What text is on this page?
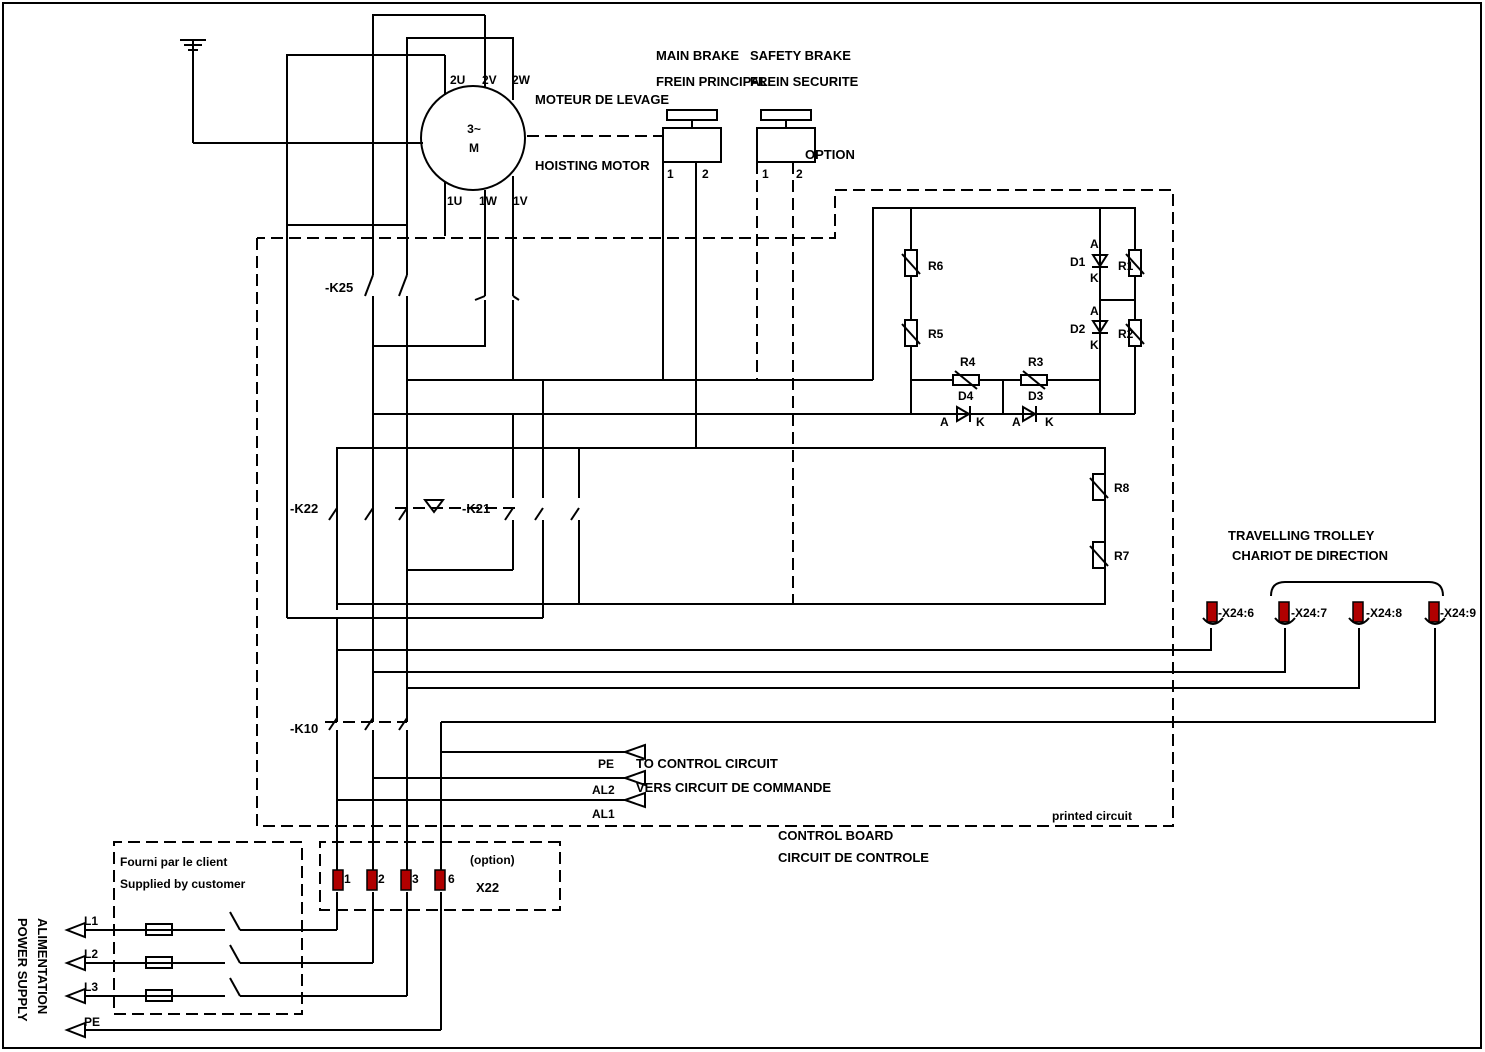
M
3~
2U 2V 2W
1U 1W 1V
MOTEUR DE LEVAGE
HOISTING MOTOR
FREIN PRINCIPAL
MAIN BRAKE
FREIN SECURITE
SAFETY BRAKE
OPTION
1 2	1 2
-K25
-K22	-K21
-K10
R1
R2
R3
R4
R5
R6
R7
R8
D1
D2
D3
D4
A
K
A
K
A K
A K
CHARIOT DE DIRECTION
TRAVELLING TROLLEY
-X24:6	-X24:7	-X24:8	-X24:9
TO CONTROL CIRCUIT
VERS CIRCUIT DE COMMANDE
PE
AL2
AL1
CONTROL BOARD
CIRCUIT DE CONTROLE
printed circuit
X22
(option)
1 2 3 6
Supplied by customer
Fourni par le client
L1
L2
L3
PE
POWER SUPPLY ALIMENTATION
